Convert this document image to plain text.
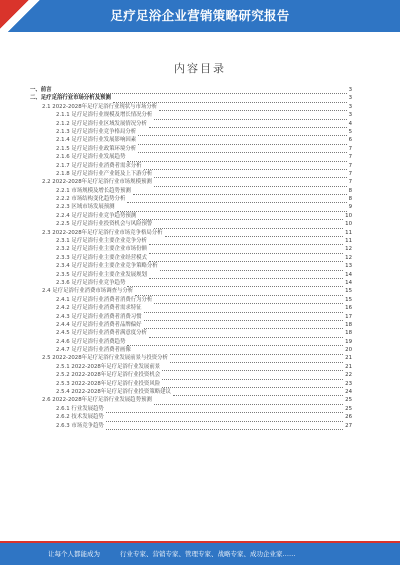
足疗足浴企业营销策略研究报告
内容目录
一、前言	3
二、足疗足浴行业市场分析及预测	3
2.1 2022-2028年足疗足浴行业现状与市场分析	3
2.1.1 足疗足浴行业规模及增长情况分析	3
2.1.2 足疗足浴行业区域发展情况分析	4
2.1.3 足疗足浴行业竞争格局分析	5
2.1.4 足疗足浴行业发展影响因素	6
2.1.5 足疗足浴行业政策环境分析	7
2.1.6 足疗足浴行业发展趋势	7
2.1.7 足疗足浴行业消费者需求分析	7
2.1.8 足疗足浴行业产业链及上下游分析	7
2.2 2022-2028年足疗足浴行业市场规模预测	7
2.2.1 市场规模及增长趋势预测	8
2.2.2 市场结构变化趋势分析	8
2.2.3 区域市场发展预测	9
2.2.4 足疗足浴行业竞争趋势预测	10
2.2.5 足疗足浴行业投资机会与风险预警	10
2.3 2022-2028年足疗足浴行业市场竞争格局分析	11
2.3.1 足疗足浴行业主要企业竞争分析	11
2.3.2 足疗足浴行业主要企业市场份额	12
2.3.3 足疗足浴行业主要企业经营模式	12
2.3.4 足疗足浴行业主要企业竞争策略分析	13
2.3.5 足疗足浴行业主要企业发展规划	14
2.3.6 足疗足浴行业竞争趋势	14
2.4 足疗足浴行业消费市场调查与分析	15
2.4.1 足疗足浴行业消费者消费行为分析	15
2.4.2 足疗足浴行业消费者需求特征	16
2.4.3 足疗足浴行业消费者消费习惯	17
2.4.4 足疗足浴行业消费者品牌偏好	18
2.4.5 足疗足浴行业消费者满意度分析	18
2.4.6 足疗足浴行业消费趋势	19
2.4.7 足疗足浴行业消费者画像	20
2.5 2022-2028年足疗足浴行业发展前景与投资分析	21
2.5.1 2022-2028年足疗足浴行业发展前景	21
2.5.2 2022-2028年足疗足浴行业投资机会	22
2.5.3 2022-2028年足疗足浴行业投资风险	23
2.5.4 2022-2028年足疗足浴行业投资策略建议	24
2.6 2022-2028年足疗足浴行业发展趋势预测	25
2.6.1 行业发展趋势	25
2.6.2 技术发展趋势	26
2.6.3 市场竞争趋势	27
让每个人都能成为	行业专家、营销专家、管理专家、战略专家、成功企业家……
